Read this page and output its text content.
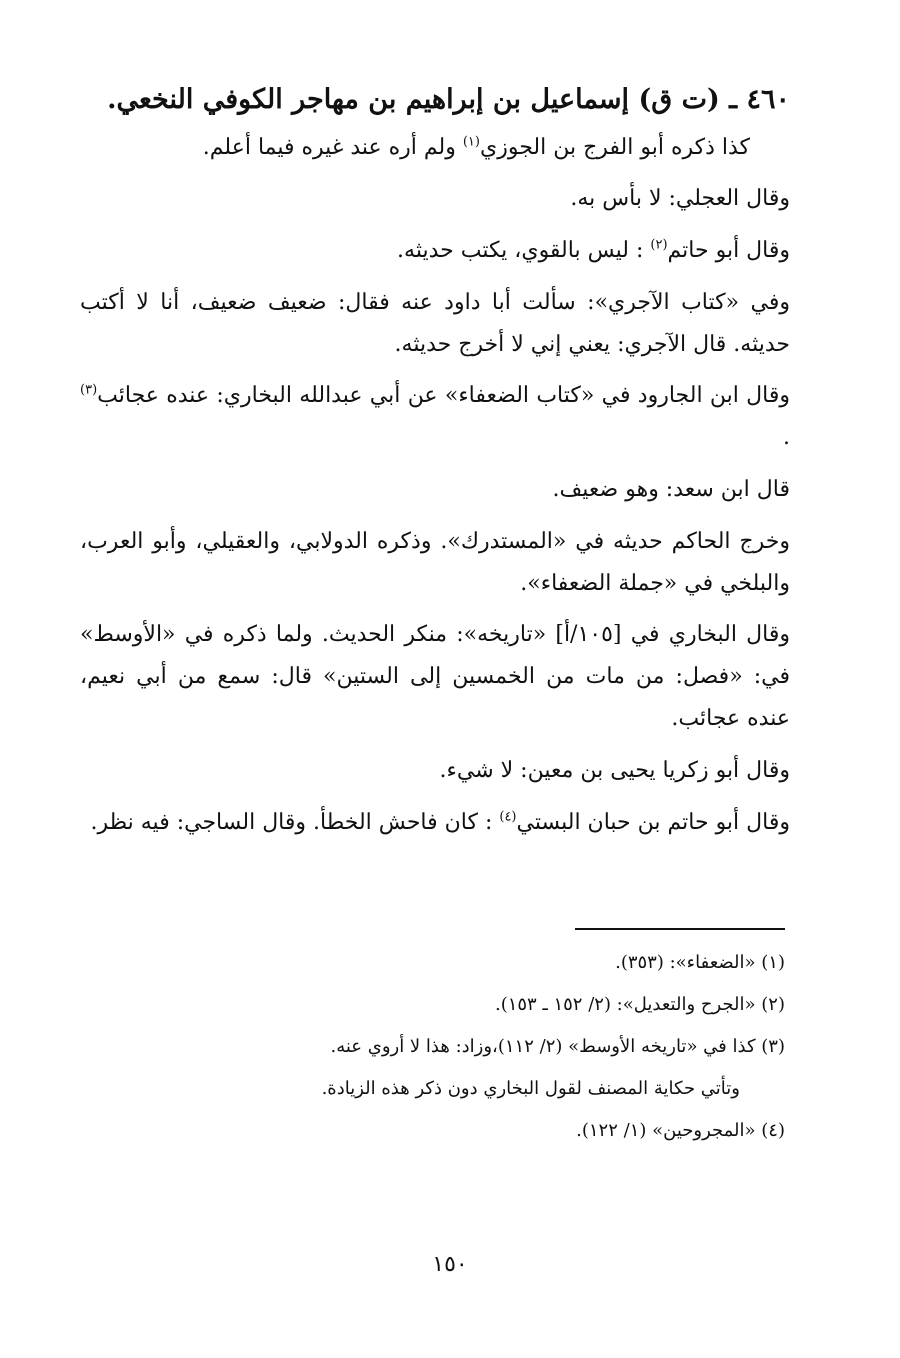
٤٦٠ ـ (ت ق) إسماعيل بن إبراهيم بن مهاجر الكوفي النخعي.
كذا ذكره أبو الفرج بن الجوزي$^{(١)}$ ولم أره عند غيره فيما أعلم.
وقال العجلي: لا بأس به.
وقال أبو حاتم$^{(٢)}$ : ليس بالقوي، يكتب حديثه.
وفي «كتاب الآجري»: سألت أبا داود عنه فقال: ضعيف ضعيف، أنا لا أكتب حديثه. قال الآجري: يعني إني لا أخرج حديثه.
وقال ابن الجارود في «كتاب الضعفاء» عن أبي عبدالله البخاري: عنده عجائب$^{(٣)}$ .
قال ابن سعد: وهو ضعيف.
وخرج الحاكم حديثه في «المستدرك». وذكره الدولابي، والعقيلي، وأبو العرب، والبلخي في «جملة الضعفاء».
وقال البخاري في [١٠٥/أ] «تاريخه»: منكر الحديث. ولما ذكره في «الأوسط» في: «فصل: من مات من الخمسين إلى الستين» قال: سمع من أبي نعيم، عنده عجائب.
وقال أبو زكريا يحيى بن معين: لا شيء.
وقال أبو حاتم بن حبان البستي$^{(٤)}$ : كان فاحش الخطأ. وقال الساجي: فيه نظر.
(١) «الضعفاء»: (٣٥٣).
(٢) «الجرح والتعديل»: (٢/ ١٥٢ ـ ١٥٣).
(٣) كذا في «تاريخه الأوسط» (٢/ ١١٢)،وزاد: هذا لا أروي عنه.
وتأتي حكاية المصنف لقول البخاري دون ذكر هذه الزيادة.
(٤) «المجروحين» (١/ ١٢٢).
١٥٠
